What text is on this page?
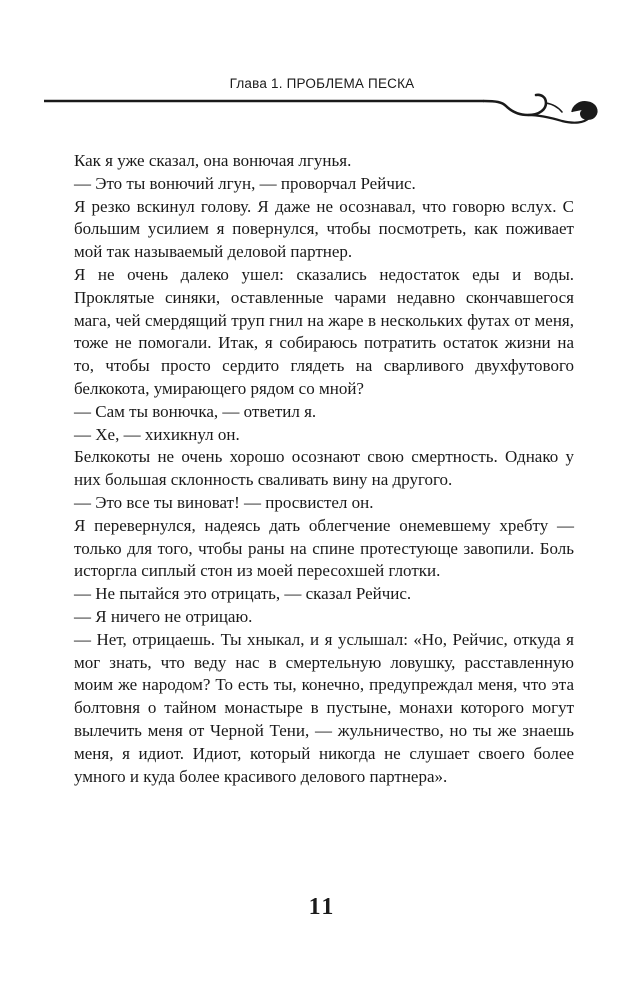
Глава 1. ПРОБЛЕМА ПЕСКА

Как я уже сказал, она вонючая лгунья.

— Это ты вонючий лгун, — проворчал Рейчис.

Я резко вскинул голову. Я даже не осознавал, что говорю вслух. С большим усилием я повернулся, чтобы посмотреть, как поживает мой так называемый деловой партнер.

Я не очень далеко ушел: сказались недостаток еды и воды. Проклятые синяки, оставленные чарами недавно скончавшегося мага, чей смердящий труп гнил на жаре в нескольких футах от меня, тоже не помогали. Итак, я собираюсь потратить остаток жизни на то, чтобы просто сердито глядеть на сварливого двухфутового белкокота, умирающего рядом со мной?

— Сам ты вонючка, — ответил я.

— Хе, — хихикнул он.

Белкокоты не очень хорошо осознают свою смертность. Однако у них большая склонность сваливать вину на другого.

— Это все ты виноват! — просвистел он.

Я перевернулся, надеясь дать облегчение онемевшему хребту — только для того, чтобы раны на спине протестующе завопили. Боль исторгла сиплый стон из моей пересохшей глотки.

— Не пытайся это отрицать, — сказал Рейчис.

— Я ничего не отрицаю.

— Нет, отрицаешь. Ты хныкал, и я услышал: «Но, Рейчис, откуда я мог знать, что веду нас в смертельную ловушку, расставленную моим же народом? То есть ты, конечно, предупреждал меня, что эта болтовня о тайном монастыре в пустыне, монахи которого могут вылечить меня от Черной Тени, — жульничество, но ты же знаешь меня, я идиот. Идиот, который никогда не слушает своего более умного и куда более красивого делового партнера».

11
